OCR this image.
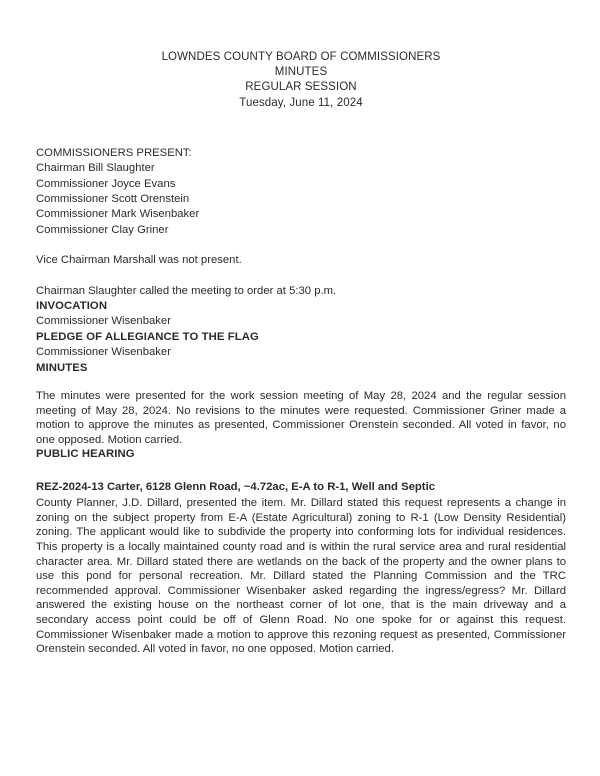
LOWNDES COUNTY BOARD OF COMMISSIONERS
MINUTES
REGULAR SESSION
Tuesday, June 11, 2024
COMMISSIONERS PRESENT:
Chairman Bill Slaughter
Commissioner Joyce Evans
Commissioner Scott Orenstein
Commissioner Mark Wisenbaker
Commissioner Clay Griner
Vice Chairman Marshall was not present.
Chairman Slaughter called the meeting to order at 5:30 p.m.
INVOCATION
Commissioner Wisenbaker
PLEDGE OF ALLEGIANCE TO THE FLAG
Commissioner Wisenbaker
MINUTES

The minutes were presented for the work session meeting of May 28, 2024 and the regular session meeting of May 28, 2024. No revisions to the minutes were requested. Commissioner Griner made a motion to approve the minutes as presented, Commissioner Orenstein seconded. All voted in favor, no one opposed. Motion carried.

PUBLIC HEARING
REZ-2024-13 Carter, 6128 Glenn Road, ~4.72ac, E-A to R-1, Well and Septic

County Planner, J.D. Dillard, presented the item. Mr. Dillard stated this request represents a change in zoning on the subject property from E-A (Estate Agricultural) zoning to R-1 (Low Density Residential) zoning. The applicant would like to subdivide the property into conforming lots for individual residences. This property is a locally maintained county road and is within the rural service area and rural residential character area. Mr. Dillard stated there are wetlands on the back of the property and the owner plans to use this pond for personal recreation. Mr. Dillard stated the Planning Commission and the TRC recommended approval. Commissioner Wisenbaker asked regarding the ingress/egress? Mr. Dillard answered the existing house on the northeast corner of lot one, that is the main driveway and a secondary access point could be off of Glenn Road. No one spoke for or against this request. Commissioner Wisenbaker made a motion to approve this rezoning request as presented, Commissioner Orenstein seconded. All voted in favor, no one opposed. Motion carried.
